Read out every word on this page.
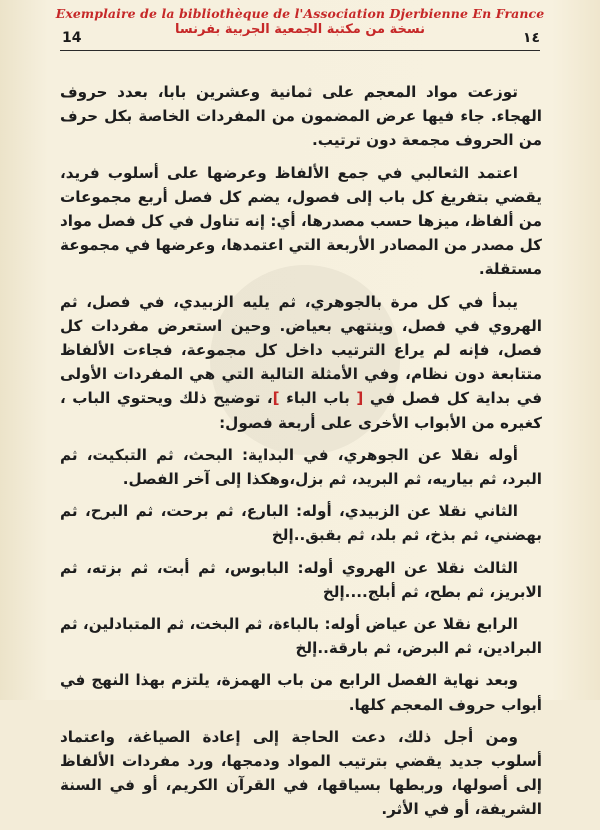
Exemplaire de la bibliothèque de l'Association Djerbienne En France
نسخة من مكتبة الجمعية الجربية بفرنسا
14	١٤

توزعت مواد المعجم على ثمانية وعشرين بابا، بعدد حروف الهجاء. جاء فيها عرض المضمون من المفردات الخاصة بكل حرف من الحروف مجمعة دون ترتيب.

اعتمد الثعالبي في جمع الألفاظ وعرضها على أسلوب فريد، يقضي بتفريغ كل باب إلى فصول، يضم كل فصل أربع مجموعات من ألفاظ، ميزها حسب مصدرها، أي: إنه تناول في كل فصل مواد كل مصدر من المصادر الأربعة التي اعتمدها، وعرضها في مجموعة مستقلة.

يبدأ في كل مرة بالجوهري، ثم يليه الزبيدي، في فصل، ثم الهروي في فصل، وينتهي بعياض. وحين استعرض مفردات كل فصل، فإنه لم يراع الترتيب داخل كل مجموعة، فجاءت الألفاظ متتابعة دون نظام، وفي الأمثلة التالية التي هي المفردات الأولى في بداية كل فصل في [ باب الباء ]، توضيح ذلك ويحتوي الباب ، كغيره من الأبواب الأخرى على أربعة فصول:

أوله نقلا عن الجوهري، في البداية: البحث، ثم التبكيت، ثم البرد، ثم بياريه، ثم البريد، ثم بزل،وهكذا إلى آخر الفصل.

الثاني نقلا عن الزبيدي، أوله: البارع، ثم برحت، ثم البرح، ثم بهضني، ثم بذخ، ثم بلد، ثم بقبق..إلخ

الثالث نقلا عن الهروي أوله: البابوس، ثم أبت، ثم بزته، ثم الابريز، ثم بطح، ثم أبلج....إلخ

الرابع نقلا عن عياض أوله: بالباءة، ثم البخت، ثم المتبادلين، ثم البرادين، ثم البرض، ثم بارقة..إلخ

وبعد نهاية الفصل الرابع من باب الهمزة، يلتزم بهذا النهج في أبواب حروف المعجم كلها.

ومن أجل ذلك، دعت الحاجة إلى إعادة الصياغة، واعتماد أسلوب جديد يقضي بترتيب المواد ودمجها، ورد مفردات الألفاظ إلى أصولها، وربطها بسياقها، في القرآن الكريم، أو في السنة الشريفة، أو في الأثر.
